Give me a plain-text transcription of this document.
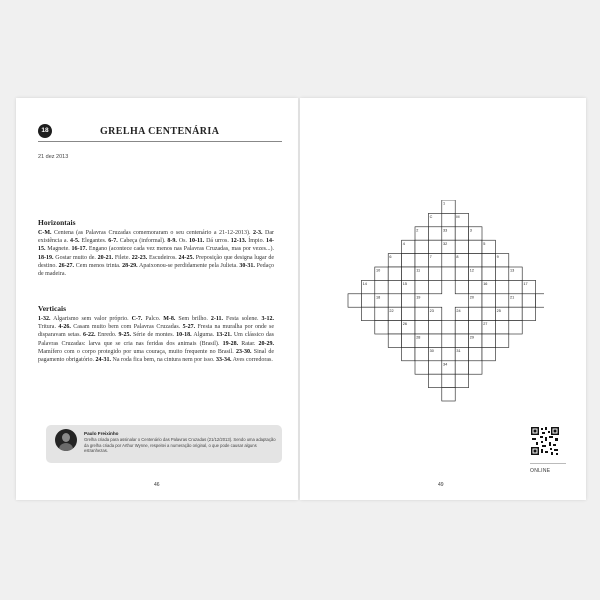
18	GRELHA CENTENÁRIA
21 dez 2013
Horizontais
C-M. Centena (as Palavras Cruzadas comemoraram o seu centenário a 21-12-2013). 2-3. Dar existência a. 4-5. Elegantes. 6-7. Cabeça (informal). 8-9. Os. 10-11. Dá urros. 12-13. Ímpio. 14-15. Magnete. 16-17. Engano (acontece cada vez menos nas Palavras Cruzadas, mas por vezes...). 18-19. Gostar muito de. 20-21. Filete. 22-23. Escudeiros. 24-25. Preposição que designa lugar de destino. 26-27. Cem menos trinta. 28-29. Apaixonou-se perdidamente pela Julieta. 30-31. Pedaço de madeira.
Verticais
1-32. Algarismo sem valor próprio. C-7. Palco. M-8. Sem brilho. 2-11. Festa solene. 3-12. Tritura. 4-26. Casam muito bem com Palavras Cruzadas. 5-27. Fresta na muralha por onde se disparavam setas. 6-22. Enredo. 9-25. Série de montes. 10-18. Alguma. 13-21. Um clássico das Palavras Cruzadas: larva que se cria nas feridas dos animais (Brasil). 19-28. Ratar. 20-29. Mamífero com o corpo protegido por uma couraça, muito frequente no Brasil. 23-30. Sinal de pagamento obrigatório. 24-31. Na roda fica bem, na cintura nem por isso. 33-34. Aves corredoras.
Paulo Freixinho
Grelha criada para assinalar o Centenário das Palavras Cruzadas (21/12/2013). Sendo uma adaptação da grelha criada por Arthur Wynne, respeitei a numeração original, o que pode causar alguns estranhezas.
46
1
C	M
2	33	3
4	32	5
6	7	8	9
10	11	12	13
14	15	16	17
18	19	20	21
22	23	24	25
26	27
28	29
30	31
34
ONLINE
49
